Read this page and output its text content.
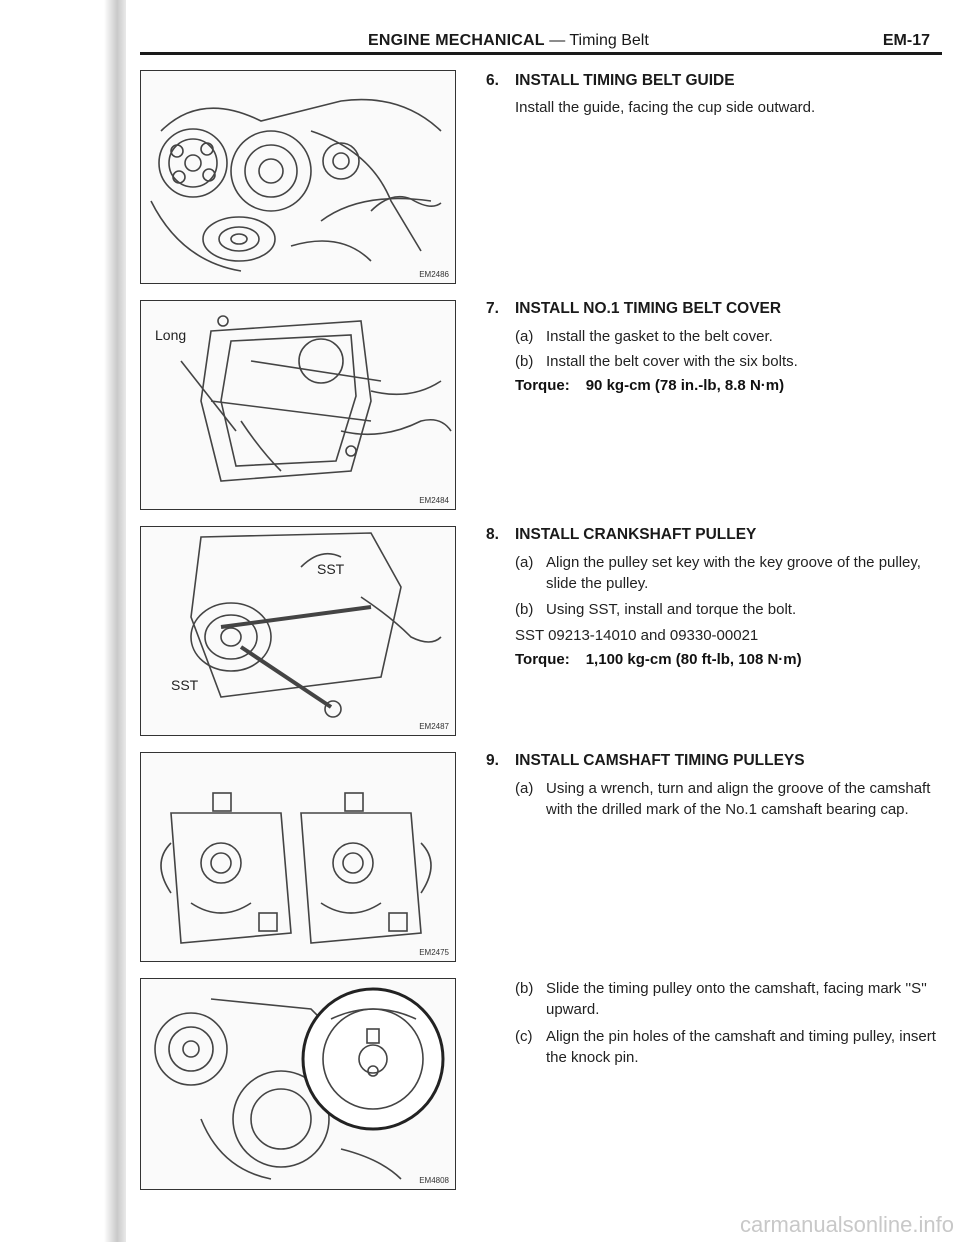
ENGINE MECHANICAL — Timing Belt	EM-17
EM2486
Long
EM2484
SST
SST
EM2487
EM2475
EM4808
6. INSTALL TIMING BELT GUIDE
Install the guide, facing the cup side outward.
7. INSTALL NO.1 TIMING BELT COVER
(a) Install the gasket to the belt cover.
(b) Install the belt cover with the six bolts.
Torque: 90 kg-cm (78 in.-lb, 8.8 N·m)
8. INSTALL CRANKSHAFT PULLEY
(a) Align the pulley set key with the key groove of the pulley, slide the pulley.
(b) Using SST, install and torque the bolt.
SST 09213-14010 and 09330-00021
Torque: 1,100 kg-cm (80 ft-lb, 108 N·m)
9. INSTALL CAMSHAFT TIMING PULLEYS
(a) Using a wrench, turn and align the groove of the camshaft with the drilled mark of the No.1 camshaft bearing cap.
(b) Slide the timing pulley onto the camshaft, facing mark ''S'' upward.
(c) Align the pin holes of the camshaft and timing pulley, insert the knock pin.
carmanualsonline.info
